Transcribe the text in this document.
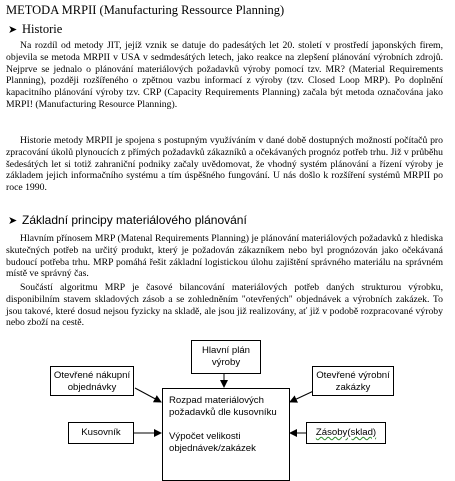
METODA MRPII (Manufacturing Ressource Planning)
➤ Historie

Na rozdíl od metody JIT, jejíž vznik se datuje do padesátých let 20. století v prostředí japonských firem, objevila se metoda MRPII v USA v sedmdesátých letech, jako reakce na zlepšení plánování výrobních zdrojů. Nejprve se jednalo o plánování materiálových požadavků výroby pomocí tzv. MR? (Material Requirements Planning), později rozšířeného o zpětnou vazbu informací z výroby (tzv. Closed Loop MRP). Po doplnění kapacitního plánování výroby tzv. CRP (Capacity Requirements Planning) začala být metoda označována jako MRPI! (Manufacturing Resource Planning).

Historie metody MRPII je spojena s postupným využíváním v dané době dostupných možností počítačů pro zpracování úkolů plynoucích z přímých požadavků zákazníků a očekávaných prognóz potřeb trhu. Již v průběhu šedesátých let si totiž zahraniční podniky začaly uvědomovat, že vhodný systém plánování a řízení výroby je základem jejich informačního systému a tím úspěšného fungování. U nás došlo k rozšíření systémů MRPII po roce 1990.

➤ Základní principy materiálového plánování

Hlavním přínosem MRP (Matenal Requirements Planning) je plánování materiálových požadavků z hlediska skutečných potřeb na určitý produkt, který je požadován zákazníkem nebo byl prognózován jako očekávaná budoucí potřeba trhu. MRP pomáhá řešit základní logistickou úlohu zajištění správného materiálu na správném místě ve správný čas.

Součástí algoritmu MRP je časové bilancování materiálových potřeb daných strukturou výrobku, disponibilním stavem skladových zásob a se zohledněním "otevřených" objednávek a výrobních zakázek. To jsou takové, které dosud nejsou fyzicky na skladě, ale jsou již realizovány, ať již v podobě rozpracované výroby nebo zboží na cestě.

Hlavní plán výroby
Otevřené nákupní objednávky
Otevřené výrobní zakázky
Rozpad materiálových požadavků dle kusovníku
Výpočet velikosti objednávek/zakázek
Kusovník	Zásoby(sklad)
